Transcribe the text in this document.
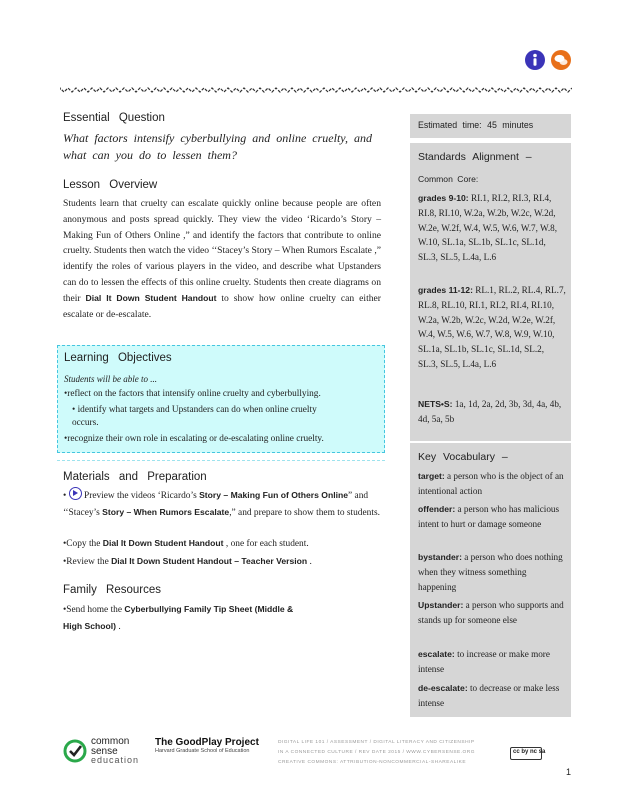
Essential Question
What factors intensify cyberbullying and online cruelty, and what can you do to lessen them?
Lesson Overview
Students learn that cruelty can escalate quickly online because people are often anonymous and posts spread quickly. They view the video ‘Ricardo’s Story – Making Fun of Others Online ,” and identify the factors that contribute to online cruelty. Students then watch the video ‘‘Stacey’s Story – When Rumors Escalate ,” identify the roles of various players in the video, and describe what Upstanders can do to lessen the effects of this online cruelty. Students then create diagrams on their Dial It Down Student Handout to show how online cruelty can either escalate or de-escalate.
Learning Objectives
Students will be able to ...
•reflect on the factors that intensify online cruelty and cyberbullying.
• identify what targets and Upstanders can do when online cruelty occurs.
•recognize their own role in escalating or de-escalating online cruelty.
Materials and Preparation
•
Preview the videos ‘Ricardo’s Story – Making Fun of Others Online” and ‘‘Stacey’s Story – When Rumors Escalate,” and prepare to show them to students.
•Copy the Dial It Down Student Handout , one for each student.
•Review the Dial It Down Student Handout – Teacher Version .
Family Resources
•Send home the Cyberbullying Family Tip Sheet (Middle & High School) .
Estimated time: 45 minutes
Standards Alignment –
Common Core:
grades 9-10: RI.1, RI.2, RI.3, RI.4, RI.8, RI.10, W.2a, W.2b, W.2c, W.2d, W.2e, W.2f, W.4, W.5, W.6, W.7, W.8, W.10, SL.1a, SL.1b, SL.1c, SL.1d, SL.3, SL.5, L.4a, L.6
grades 11-12: RL.1, RL.2, RL.4, RL.7, RL.8, RL.10, RI.1, RI.2, RI.4, RI.10, W.2a, W.2b, W.2c, W.2d, W.2e, W.2f, W.4, W.5, W.6, W.7, W.8, W.9, W.10, SL.1a, SL.1b, SL.1c, SL.1d, SL.2, SL.3, SL.5, L.4a, L.6
NETS•S: 1a, 1d, 2a, 2d, 3b, 3d, 4a, 4b, 4d, 5a, 5b
Key Vocabulary –
target: a person who is the object of an intentional action
offender: a person who has malicious intent to hurt or damage someone
bystander: a person who does nothing when they witness something happening
Upstander: a person who supports and stands up for someone else
escalate: to increase or make more intense
de-escalate: to decrease or make less intense
common
sense
education
The GoodPlay Project
Harvard Graduate School of Education
DIGITAL LIFE 101 / ASSESSMENT / DIGITAL LITERACY AND CITIZENSHIP
IN A CONNECTED CULTURE / REV DATE 2015 / WWW.CYBERSENSE.ORG
CREATIVE COMMONS: ATTRIBUTION-NONCOMMERCIAL-SHAREALIKE
cc by nc sa
1
